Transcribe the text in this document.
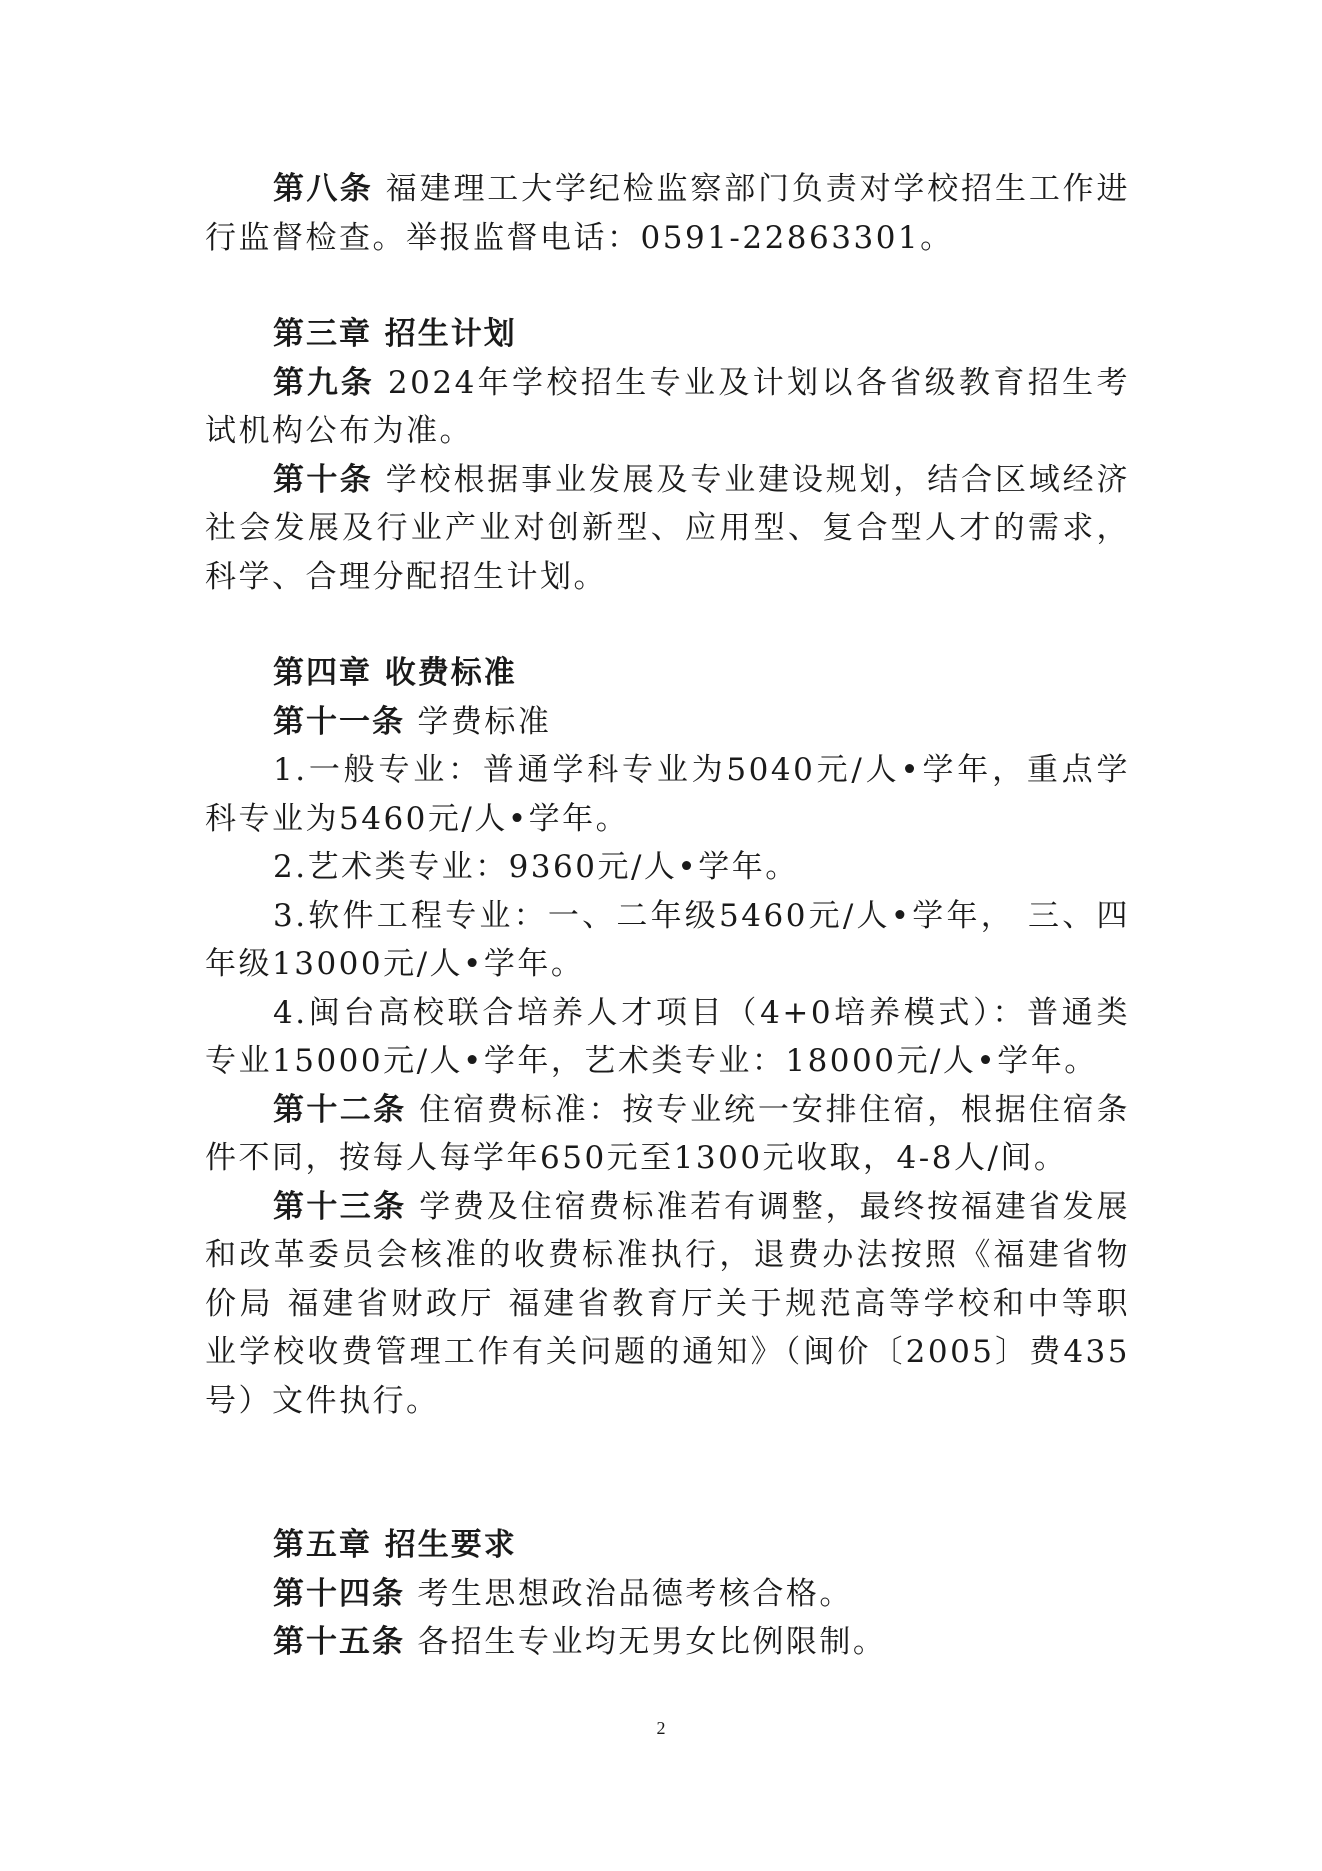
第八条 福建理工大学纪检监察部门负责对学校招生工作进行监督检查。举报监督电话：0591-22863301。

第三章 招生计划

第九条 2024年学校招生专业及计划以各省级教育招生考试机构公布为准。

第十条 学校根据事业发展及专业建设规划，结合区域经济社会发展及行业产业对创新型、应用型、复合型人才的需求，科学、合理分配招生计划。

第四章 收费标准

第十一条 学费标准

1.一般专业：普通学科专业为5040元/人•学年，重点学科专业为5460元/人•学年。

2.艺术类专业：9360元/人•学年。

3.软件工程专业：一、二年级5460元/人•学年， 三、四年级13000元/人•学年。

4.闽台高校联合培养人才项目（4+0培养模式）：普通类专业15000元/人•学年，艺术类专业：18000元/人•学年。

第十二条 住宿费标准：按专业统一安排住宿，根据住宿条件不同，按每人每学年650元至1300元收取，4-8人/间。

第十三条 学费及住宿费标准若有调整，最终按福建省发展和改革委员会核准的收费标准执行，退费办法按照《福建省物价局 福建省财政厅 福建省教育厅关于规范高等学校和中等职业学校收费管理工作有关问题的通知》（闽价〔2005〕费435号）文件执行。

第五章 招生要求

第十四条 考生思想政治品德考核合格。

第十五条 各招生专业均无男女比例限制。

2
